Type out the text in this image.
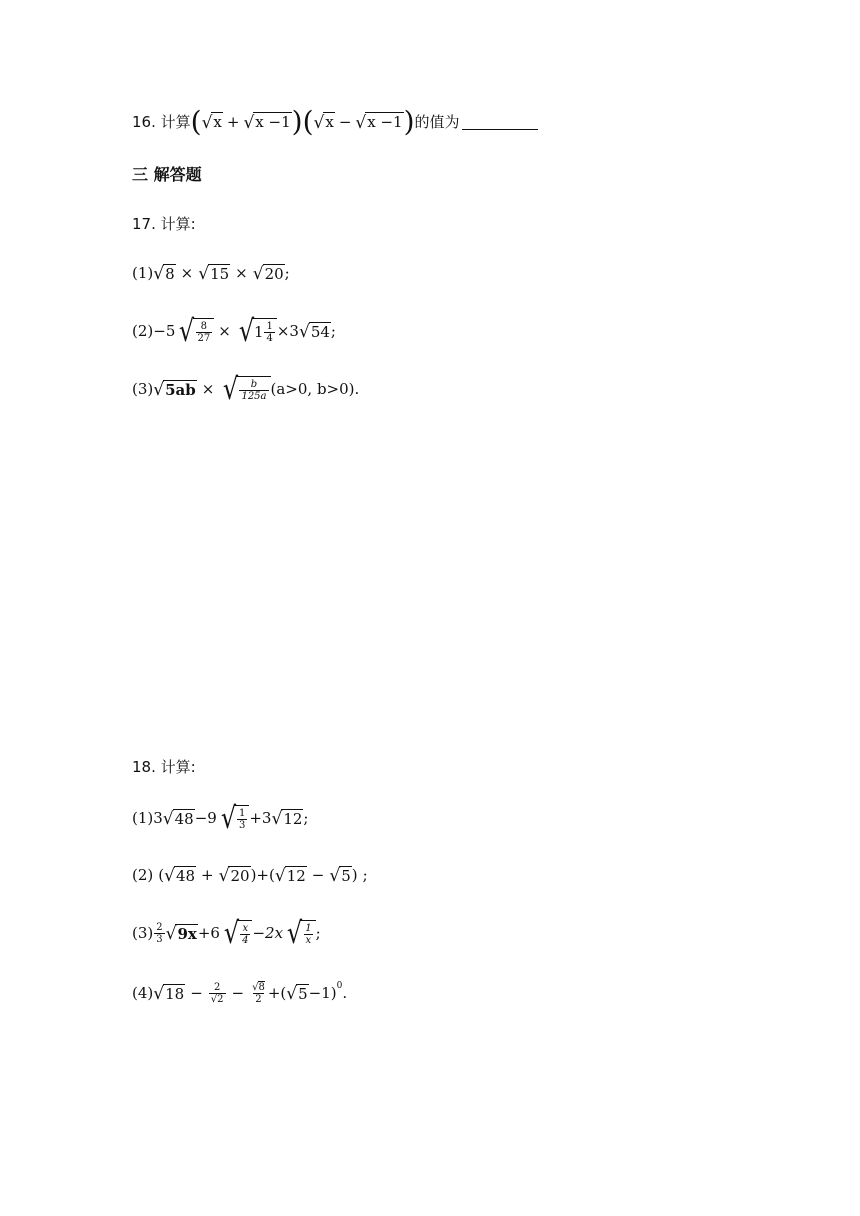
16. 计算 ( √ x + √ x −1 ) ( √ x − √ x −1 ) 的值为
三 解答题
17. 计算:
(1) √ 8 × √ 15 × √ 20 ;
(2) −5 √ $\frac{8}{27}$ × √ $1 \frac{1}{4} \times 3$ √ 54 ;
(3) √ 5ab × √ $\frac{b}{125a} (a>0$, b>0) .
18. 计算:
(1) 3 √ 48 −9 √ $\frac{1}{3} +3$ √ 12 ;
(2) ( √ 48 + √ 20 )+( √ 12 − √ 5 ) ;
$(3) \frac{2}{3}$ √ 9x +6 √ $\frac{x}{4} -2x$ √ $\frac{1}{x}$ ;
(4) √ $18 - \frac{2}{√2} - \frac{√8}{2}$ +( √ 5 −1)$^0$ .
